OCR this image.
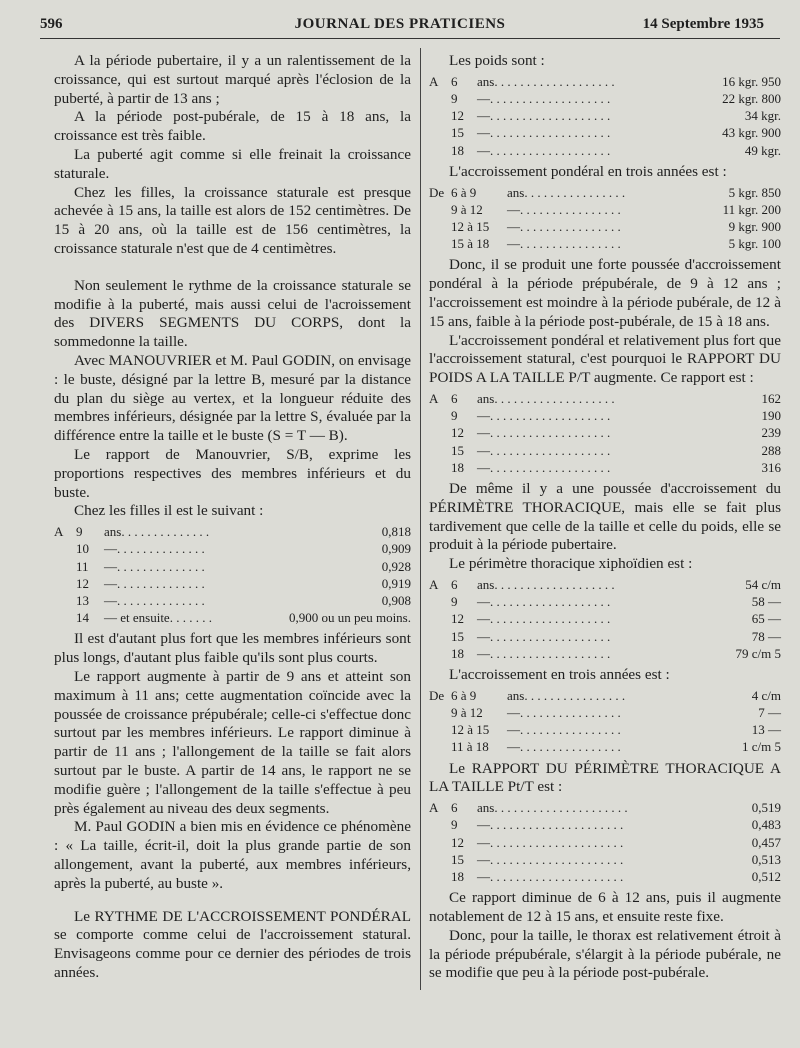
596	JOURNAL DES PRATICIENS	14 Septembre 1935

A la période pubertaire, il y a un ralentissement de la croissance, qui est surtout marqué après l'éclosion de la puberté, à partir de 13 ans ;

A la période post-pubérale, de 15 à 18 ans, la croissance est très faible.

La puberté agit comme si elle freinait la croissance staturale.

Chez les filles, la croissance staturale est presque achevée à 15 ans, la taille est alors de 152 centimètres. De 15 à 20 ans, où la taille est de 156 centimètres, la croissance staturale n'est que de 4 centimètres.

Non seulement le rythme de la croissance staturale se modifie à la puberté, mais aussi celui de l'acroissement des DIVERS SEGMENTS DU CORPS, dont la sommedonne la taille.

Avec MANOUVRIER et M. Paul GODIN, on envisage : le buste, désigné par la lettre B, mesuré par la distance du plan du siège au vertex, et la longueur réduite des membres inférieurs, désignée par la lettre S, évaluée par la différence entre la taille et le buste (S = T — B).

Le rapport de Manouvrier, S/B, exprime les proportions respectives des membres inférieurs et du buste.

Chez les filles il est le suivant :

A 9	ans . . . . . . . . . . . . . .	0,818
10	— . . . . . . . . . . . . . .	0,909
11	— . . . . . . . . . . . . . .	0,928
12	— . . . . . . . . . . . . . .	0,919
13	— . . . . . . . . . . . . . .	0,908
14	— et ensuite . . . . . . .	0,900 ou un peu moins.

Il est d'autant plus fort que les membres inférieurs sont plus longs, d'autant plus faible qu'ils sont plus courts.

Le rapport augmente à partir de 9 ans et atteint son maximum à 11 ans; cette augmentation coïncide avec la poussée de croissance prépubérale; celle-ci s'effectue donc surtout par les membres inférieurs. Le rapport diminue à partir de 11 ans ; l'allongement de la taille se fait alors surtout par le buste. A partir de 14 ans, le rapport ne se modifie guère ; l'allongement de la taille s'effectue à peu près également au niveau des deux segments.

M. Paul GODIN a bien mis en évidence ce phénomène : « La taille, écrit-il, doit la plus grande partie de son allongement, avant la puberté, aux membres inférieurs, après la puberté, au buste ».

Le RYTHME DE L'ACCROISSEMENT PONDÉRAL se comporte comme celui de l'accroissement statural. Envisageons comme pour ce dernier des périodes de trois années.

Les poids sont :

A 6	ans . . . . . . . . . . . . . . . . . . .	16 kgr. 950
9	— . . . . . . . . . . . . . . . . . . .	22 kgr. 800
12	— . . . . . . . . . . . . . . . . . . .	34 kgr.
15	— . . . . . . . . . . . . . . . . . . .	43 kgr. 900
18	— . . . . . . . . . . . . . . . . . . .	49 kgr.

L'accroissement pondéral en trois années est :

De 6 à 9	ans . . . . . . . . . . . . . . . .	5 kgr. 850
9 à 12	— . . . . . . . . . . . . . . . .	11 kgr. 200
12 à 15	— . . . . . . . . . . . . . . . .	9 kgr. 900
15 à 18	— . . . . . . . . . . . . . . . .	5 kgr. 100

Donc, il se produit une forte poussée d'accroissement pondéral à la période prépubérale, de 9 à 12 ans ; l'accroissement est moindre à la période pubérale, de 12 à 15 ans, faible à la période post-pubérale, de 15 à 18 ans.

L'accroissement pondéral et relativement plus fort que l'accroissement statural, c'est pourquoi le RAPPORT DU POIDS A LA TAILLE P/T augmente. Ce rapport est :

A 6	ans . . . . . . . . . . . . . . . . . . .	162
9	— . . . . . . . . . . . . . . . . . . .	190
12	— . . . . . . . . . . . . . . . . . . .	239
15	— . . . . . . . . . . . . . . . . . . .	288
18	— . . . . . . . . . . . . . . . . . . .	316

De même il y a une poussée d'accroissement du PÉRIMÈTRE THORACIQUE, mais elle se fait plus tardivement que celle de la taille et celle du poids, elle se produit à la période pubertaire.

Le périmètre thoracique xiphoïdien est :

A 6	ans . . . . . . . . . . . . . . . . . . .	54 c/m
9	— . . . . . . . . . . . . . . . . . . .	58 —
12	— . . . . . . . . . . . . . . . . . . .	65 —
15	— . . . . . . . . . . . . . . . . . . .	78 —
18	— . . . . . . . . . . . . . . . . . . .	79 c/m 5

L'accroissement en trois années est :

De 6 à 9	ans . . . . . . . . . . . . . . . .	4 c/m
9 à 12	— . . . . . . . . . . . . . . . .	7 —
12 à 15	— . . . . . . . . . . . . . . . .	13 —
11 à 18	— . . . . . . . . . . . . . . . .	1 c/m 5

Le RAPPORT DU PÉRIMÈTRE THORACIQUE A LA TAILLE Pt/T est :

A 6	ans . . . . . . . . . . . . . . . . . . . . .	0,519
9	— . . . . . . . . . . . . . . . . . . . . .	0,483
12	— . . . . . . . . . . . . . . . . . . . . .	0,457
15	— . . . . . . . . . . . . . . . . . . . . .	0,513
18	— . . . . . . . . . . . . . . . . . . . . .	0,512

Ce rapport diminue de 6 à 12 ans, puis il augmente notablement de 12 à 15 ans, et ensuite reste fixe.

Donc, pour la taille, le thorax est relativement étroit à la période prépubérale, s'élargit à la période pubérale, ne se modifie que peu à la période post-pubérale.
